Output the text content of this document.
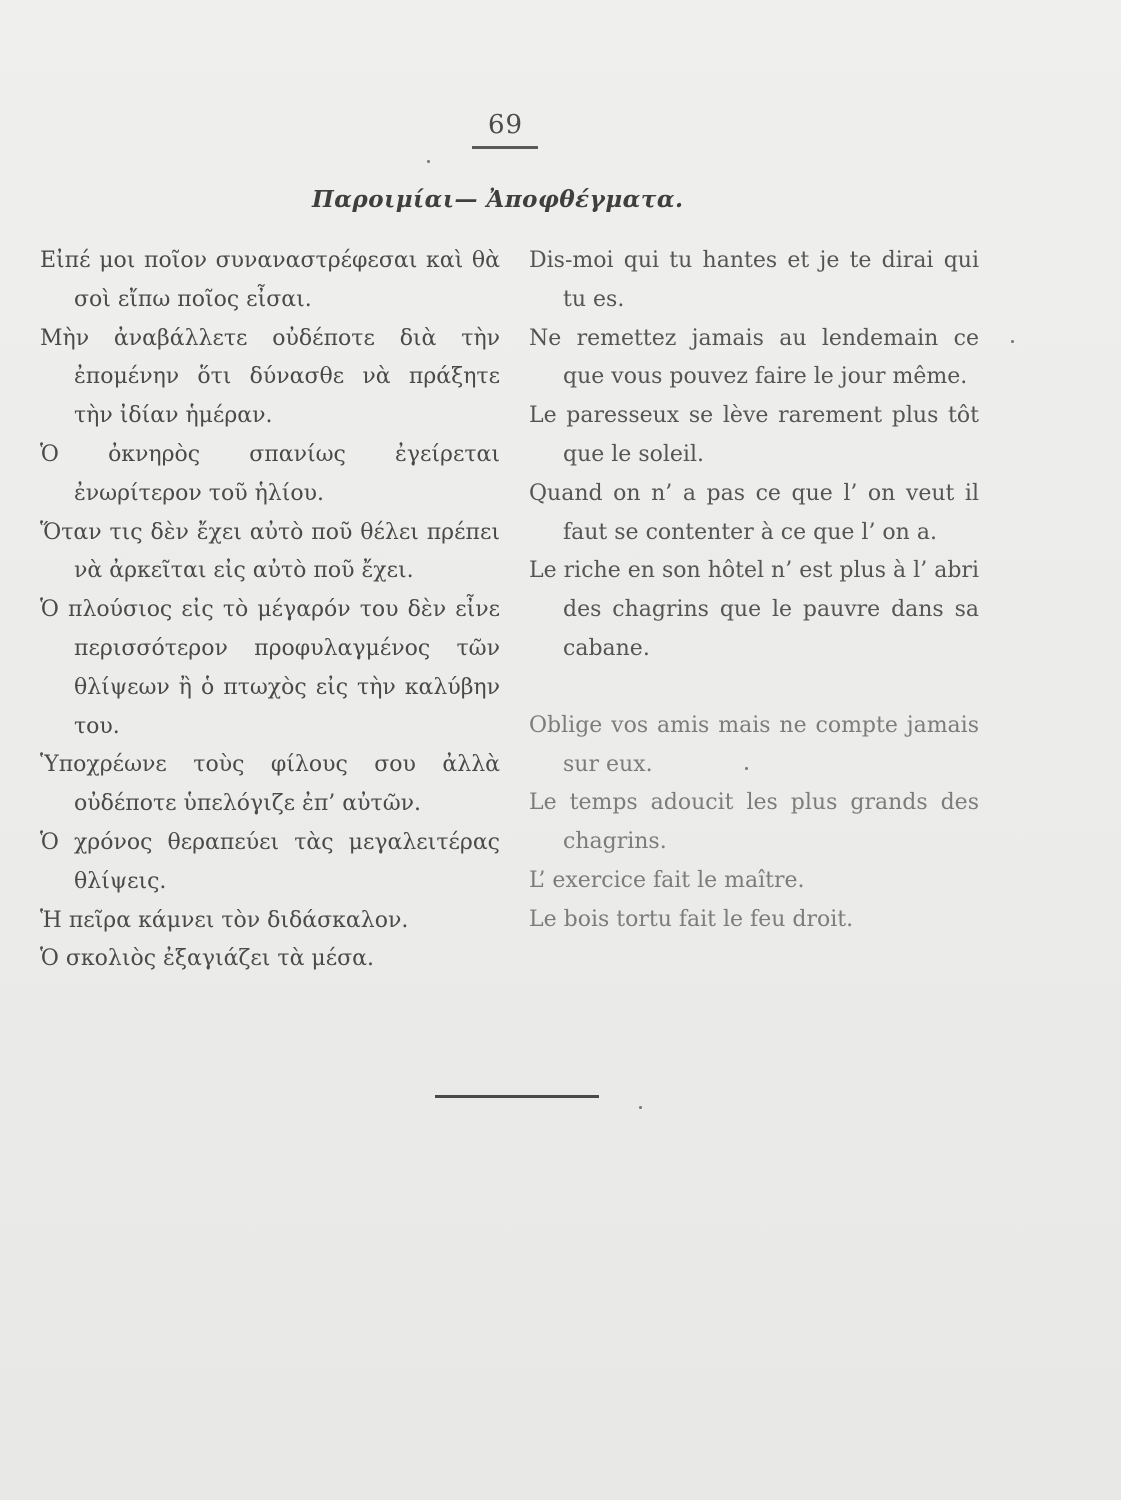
69
Παροιμίαι— Ἀποφθέγματα.

Εἰπέ μοι ποῖον συναναστρέφεσαι καὶ θὰ σοὶ εἴπω ποῖος εἶσαι.

Μὴν ἀναβάλλετε οὐδέποτε διὰ τὴν ἐπομένην ὅτι δύνασθε νὰ πράξητε τὴν ἰδίαν ἡμέραν.

Ὁ ὀκνηρὸς σπανίως ἐγείρεται ἐνωρίτερον τοῦ ἡλίου.

Ὅταν τις δὲν ἔχει αὐτὸ ποῦ θέλει πρέπει νὰ ἀρκεῖται εἰς αὐτὸ ποῦ ἔχει.

Ὁ πλούσιος εἰς τὸ μέγαρόν του δὲν εἶνε περισσότερον προφυλαγμένος τῶν θλίψεων ἢ ὁ πτωχὸς εἰς τὴν καλύβην του.

Ὑποχρέωνε τοὺς φίλους σου ἀλλὰ οὐδέποτε ὑπελόγιζε ἐπ’ αὐτῶν.

Ὁ χρόνος θεραπεύει τὰς μεγαλειτέρας θλίψεις.

Ἡ πεῖρα κάμνει τὸν διδάσκαλον.

Ὁ σκολιὸς ἐξαγιάζει τὰ μέσα.

Dis-moi qui tu hantes et je te dirai qui tu es.

Ne remettez jamais au lendemain ce que vous pouvez faire le jour même.

Le paresseux se lève rarement plus tôt que le soleil.

Quand on n’ a pas ce que l’ on veut il faut se contenter à ce que l’ on a.

Le riche en son hôtel n’ est plus à l’ abri des chagrins que le pauvre dans sa cabane.

Oblige vos amis mais ne compte jamais sur eux.

Le temps adoucit les plus grands des chagrins.

L’ exercice fait le maître.

Le bois tortu fait le feu droit.
